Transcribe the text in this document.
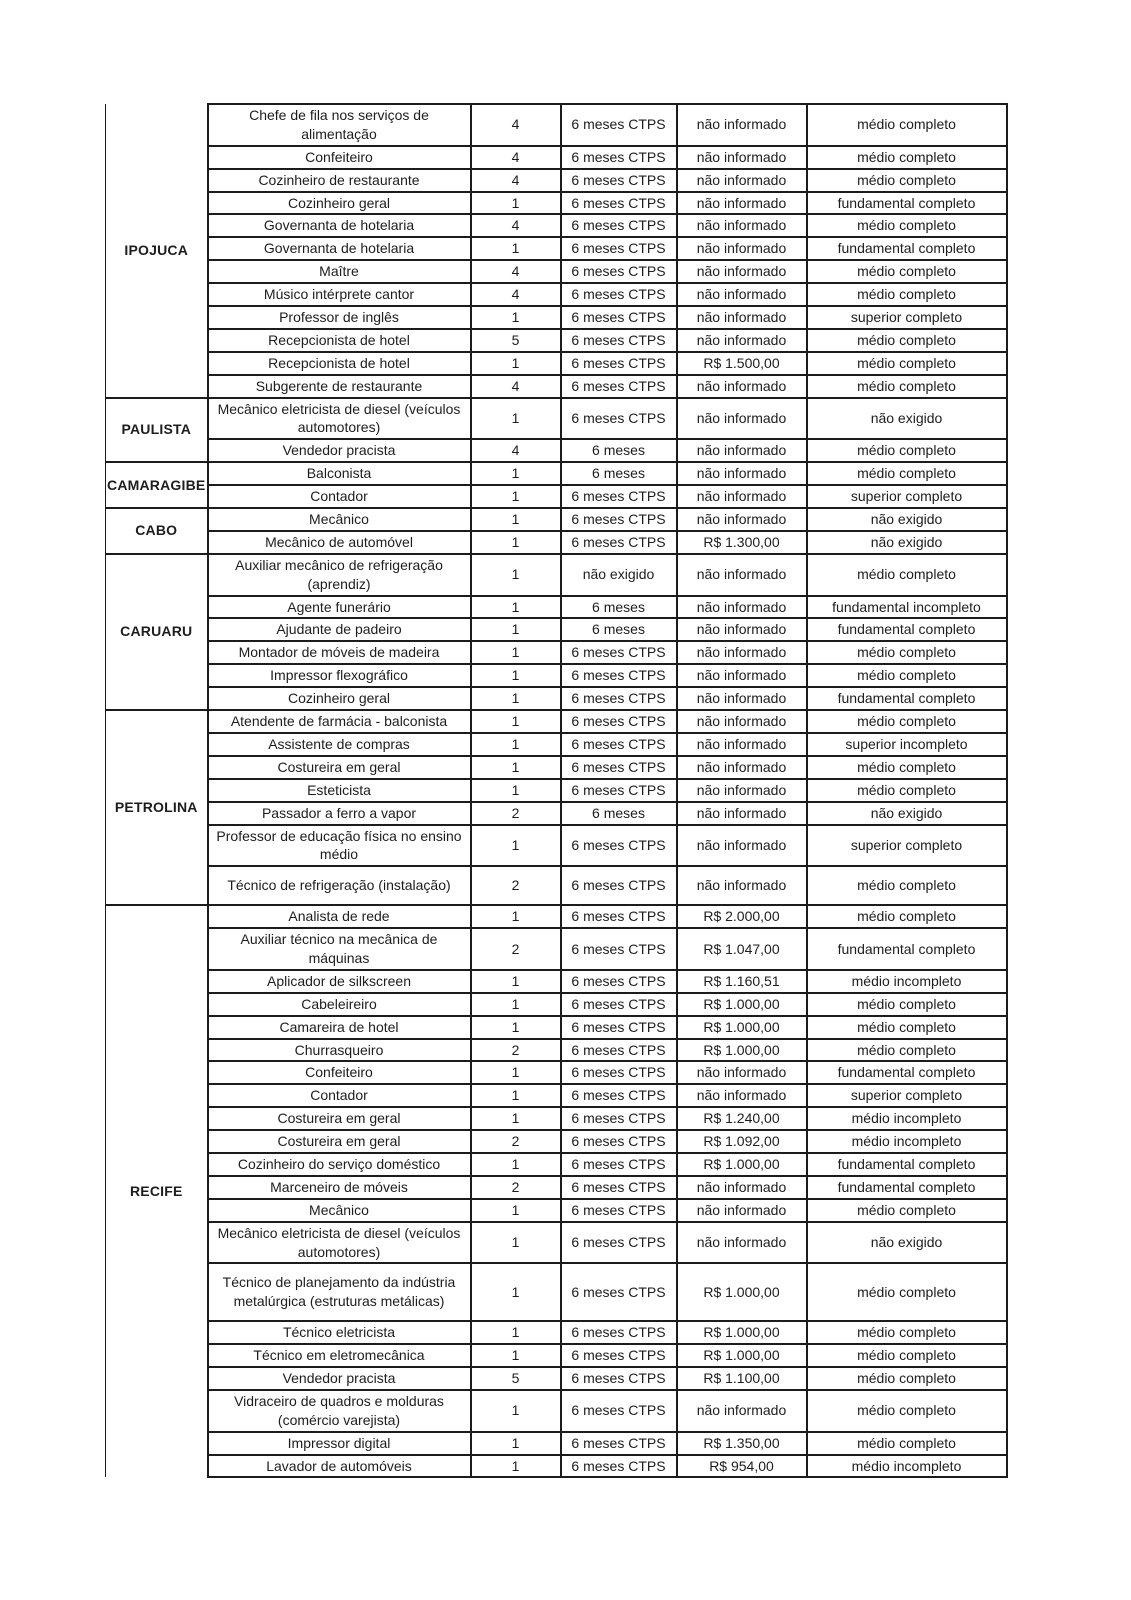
IPOJUCA	Chefe de fila nos serviços de alimentação	4	6 meses CTPS	não informado	médio completo
	Confeiteiro	4	6 meses CTPS	não informado	médio completo
	Cozinheiro de restaurante	4	6 meses CTPS	não informado	médio completo
	Cozinheiro geral	1	6 meses CTPS	não informado	fundamental completo
	Governanta de hotelaria	4	6 meses CTPS	não informado	médio completo
	Governanta de hotelaria	1	6 meses CTPS	não informado	fundamental completo
	Maître	4	6 meses CTPS	não informado	médio completo
	Músico intérprete cantor	4	6 meses CTPS	não informado	médio completo
	Professor de inglês	1	6 meses CTPS	não informado	superior completo
	Recepcionista de hotel	5	6 meses CTPS	não informado	médio completo
	Recepcionista de hotel	1	6 meses CTPS	R$ 1.500,00	médio completo
	Subgerente de restaurante	4	6 meses CTPS	não informado	médio completo
PAULISTA	Mecânico eletricista de diesel (veículos automotores)	1	6 meses CTPS	não informado	não exigido
	Vendedor pracista	4	6 meses	não informado	médio completo
CAMARAGIBE	Balconista	1	6 meses	não informado	médio completo
	Contador	1	6 meses CTPS	não informado	superior completo
CABO	Mecânico	1	6 meses CTPS	não informado	não exigido
	Mecânico de automóvel	1	6 meses CTPS	R$ 1.300,00	não exigido
CARUARU	Auxiliar mecânico de refrigeração (aprendiz)	1	não exigido	não informado	médio completo
	Agente funerário	1	6 meses	não informado	fundamental incompleto
	Ajudante de padeiro	1	6 meses	não informado	fundamental completo
	Montador de móveis de madeira	1	6 meses CTPS	não informado	médio completo
	Impressor flexográfico	1	6 meses CTPS	não informado	médio completo
	Cozinheiro geral	1	6 meses CTPS	não informado	fundamental completo
PETROLINA	Atendente de farmácia - balconista	1	6 meses CTPS	não informado	médio completo
	Assistente de compras	1	6 meses CTPS	não informado	superior incompleto
	Costureira em geral	1	6 meses CTPS	não informado	médio completo
	Esteticista	1	6 meses CTPS	não informado	médio completo
	Passador a ferro a vapor	2	6 meses	não informado	não exigido
	Professor de educação física no ensino médio	1	6 meses CTPS	não informado	superior completo
	Técnico de refrigeração (instalação)	2	6 meses CTPS	não informado	médio completo
RECIFE	Analista de rede	1	6 meses CTPS	R$ 2.000,00	médio completo
	Auxiliar técnico na mecânica de máquinas	2	6 meses CTPS	R$ 1.047,00	fundamental completo
	Aplicador de silkscreen	1	6 meses CTPS	R$ 1.160,51	médio incompleto
	Cabeleireiro	1	6 meses CTPS	R$ 1.000,00	médio completo
	Camareira de hotel	1	6 meses CTPS	R$ 1.000,00	médio completo
	Churrasqueiro	2	6 meses CTPS	R$ 1.000,00	médio completo
	Confeiteiro	1	6 meses CTPS	não informado	fundamental completo
	Contador	1	6 meses CTPS	não informado	superior completo
	Costureira em geral	1	6 meses CTPS	R$ 1.240,00	médio incompleto
	Costureira em geral	2	6 meses CTPS	R$ 1.092,00	médio incompleto
	Cozinheiro do serviço doméstico	1	6 meses CTPS	R$ 1.000,00	fundamental completo
	Marceneiro de móveis	2	6 meses CTPS	não informado	fundamental completo
	Mecânico	1	6 meses CTPS	não informado	médio completo
	Mecânico eletricista de diesel (veículos automotores)	1	6 meses CTPS	não informado	não exigido
	Técnico de planejamento da indústria metalúrgica (estruturas metálicas)	1	6 meses CTPS	R$ 1.000,00	médio completo
	Técnico eletricista	1	6 meses CTPS	R$ 1.000,00	médio completo
	Técnico em eletromecânica	1	6 meses CTPS	R$ 1.000,00	médio completo
	Vendedor pracista	5	6 meses CTPS	R$ 1.100,00	médio completo
	Vidraceiro de quadros e molduras (comércio varejista)	1	6 meses CTPS	não informado	médio completo
	Impressor digital	1	6 meses CTPS	R$ 1.350,00	médio completo
	Lavador de automóveis	1	6 meses CTPS	R$ 954,00	médio incompleto
